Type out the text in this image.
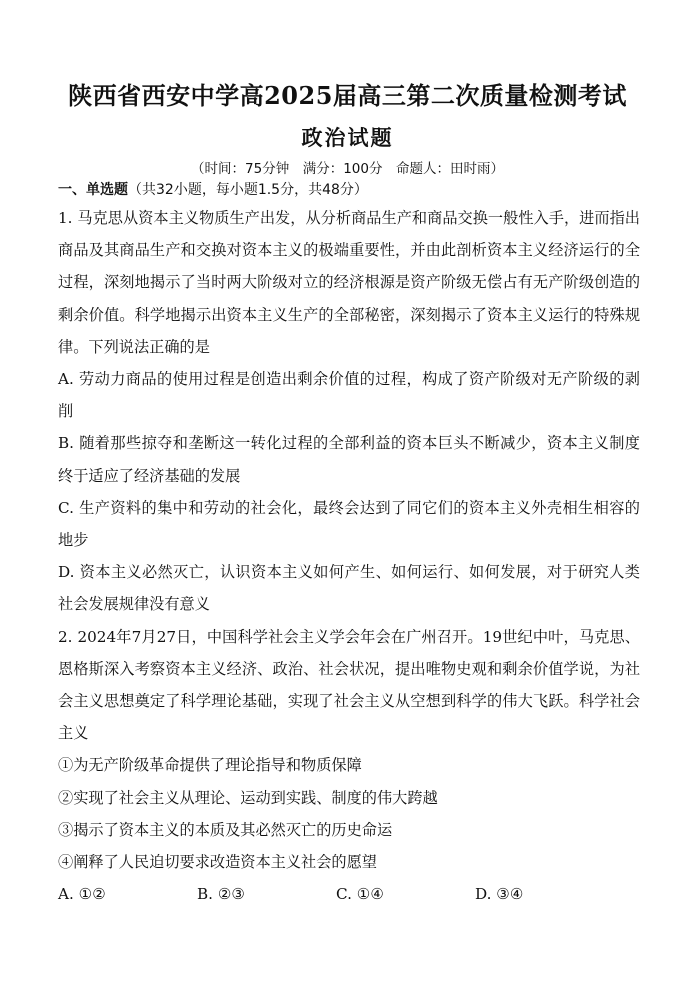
陕西省西安中学高2025届高三第二次质量检测考试
政治试题
（时间：75分钟　满分：100分　命题人：田时雨）
一、单选题（共32小题，每小题1.5分，共48分）

1. 马克思从资本主义物质生产出发，从分析商品生产和商品交换一般性入手，进而指出商品及其商品生产和交换对资本主义的极端重要性，并由此剖析资本主义经济运行的全过程，深刻地揭示了当时两大阶级对立的经济根源是资产阶级无偿占有无产阶级创造的剩余价值。科学地揭示出资本主义生产的全部秘密，深刻揭示了资本主义运行的特殊规律。下列说法正确的是

A. 劳动力商品的使用过程是创造出剩余价值的过程，构成了资产阶级对无产阶级的剥削

B. 随着那些掠夺和垄断这一转化过程的全部利益的资本巨头不断减少，资本主义制度终于适应了经济基础的发展

C. 生产资料的集中和劳动的社会化，最终会达到了同它们的资本主义外壳相生相容的地步

D. 资本主义必然灭亡，认识资本主义如何产生、如何运行、如何发展，对于研究人类社会发展规律没有意义

2. 2024年7月27日，中国科学社会主义学会年会在广州召开。19世纪中叶，马克思、恩格斯深入考察资本主义经济、政治、社会状况，提出唯物史观和剩余价值学说，为社会主义思想奠定了科学理论基础，实现了社会主义从空想到科学的伟大飞跃。科学社会主义

①为无产阶级革命提供了理论指导和物质保障

②实现了社会主义从理论、运动到实践、制度的伟大跨越

③揭示了资本主义的本质及其必然灭亡的历史命运

④阐释了人民迫切要求改造资本主义社会的愿望

A. ①②	B. ②③	C. ①④	D. ③④
